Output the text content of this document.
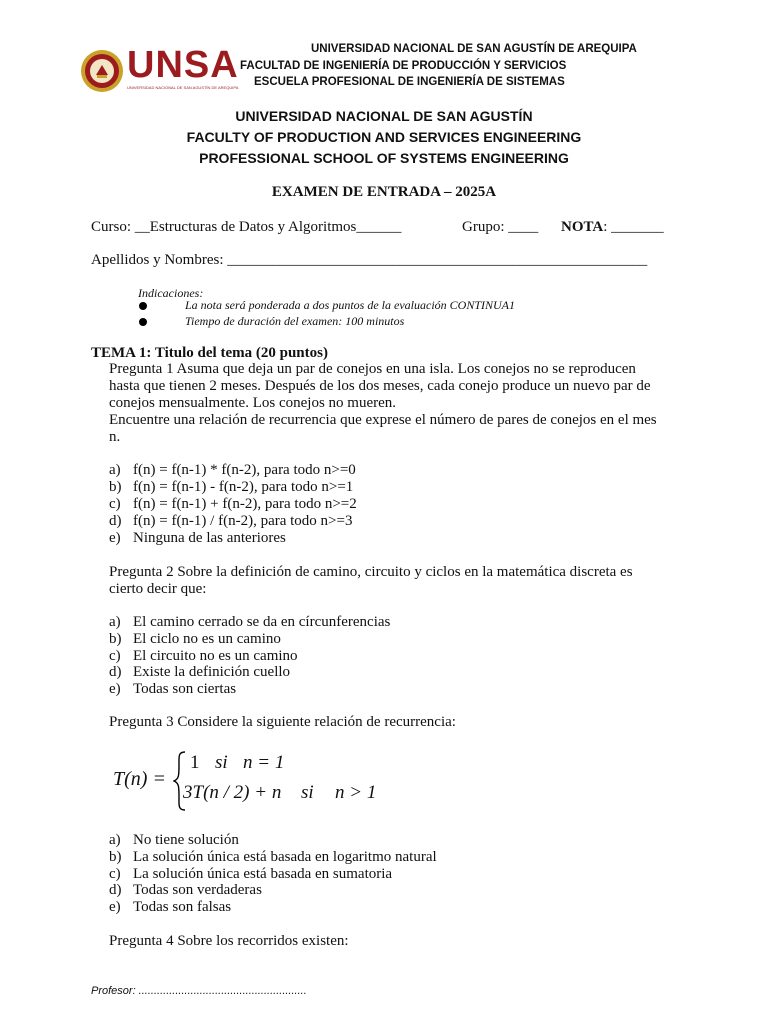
UNSA
UNIVERSIDAD NACIONAL DE SAN AGUSTÍN DE AREQUIPA
UNIVERSIDAD NACIONAL DE SAN AGUSTÍN DE AREQUIPA
FACULTAD DE INGENIERÍA DE PRODUCCIÓN Y SERVICIOS
ESCUELA PROFESIONAL DE INGENIERÍA DE SISTEMAS
UNIVERSIDAD NACIONAL DE SAN AGUSTÍN
FACULTY OF PRODUCTION AND SERVICES ENGINEERING
PROFESSIONAL SCHOOL OF SYSTEMS ENGINEERING
EXAMEN DE ENTRADA – 2025A
Curso: __Estructuras de Datos y Algoritmos______	Grupo: ____ NOTA: _______
Apellidos y Nombres: ________________________________________________________
Indicaciones:
La nota será ponderada a dos puntos de la evaluación CONTINUA1
Tiempo de duración del examen: 100 minutos
TEMA 1: Titulo del tema (20 puntos)
Pregunta 1 Asuma que deja un par de conejos en una isla. Los conejos no se reproducen
hasta que tienen 2 meses. Después de los dos meses, cada conejo produce un nuevo par de
conejos mensualmente. Los conejos no mueren.
Encuentre una relación de recurrencia que exprese el número de pares de conejos en el mes
n.
a) f(n) = f(n-1) * f(n-2), para todo n>=0
b) f(n) = f(n-1) - f(n-2), para todo n>=1
c) f(n) = f(n-1) + f(n-2), para todo n>=2
d) f(n) = f(n-1) / f(n-2), para todo n>=3
e) Ninguna de las anteriores
Pregunta 2 Sobre la definición de camino, circuito y ciclos en la matemática discreta es
cierto decir que:
a) El camino cerrado se da en círcunferencias
b) El ciclo no es un camino
c) El circuito no es un camino
d) Existe la definición cuello
e) Todas son ciertas
Pregunta 3 Considere la siguiente relación de recurrencia:
T(n) =
1 si n = 1
3T(n / 2) + n si n > 1
a) No tiene solución
b) La solución única está basada en logaritmo natural
c) La solución única está basada en sumatoria
d) Todas son verdaderas
e) Todas son falsas
Pregunta 4 Sobre los recorridos existen:
Profesor: .......................................................
